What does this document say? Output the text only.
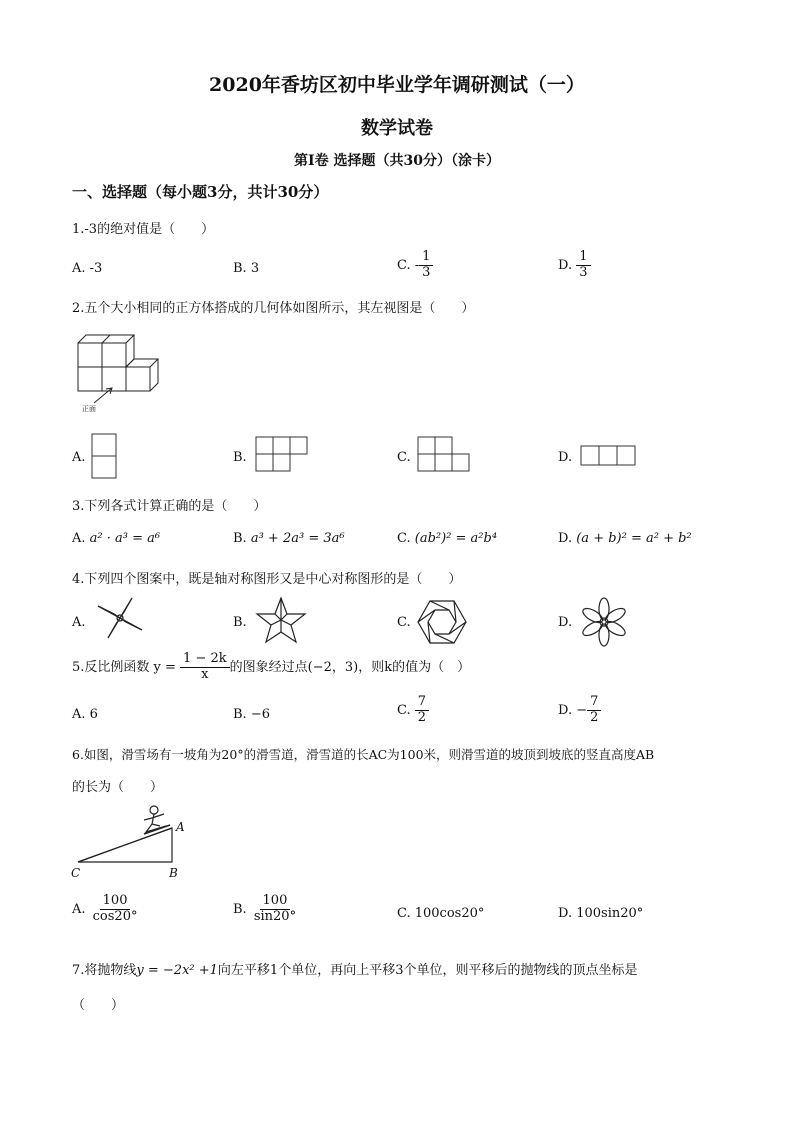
2020年香坊区初中毕业学年调研测试（一）
数学试卷
第Ⅰ卷 选择题（共30分）（涂卡）
一、选择题（每小题3分，共计30分）
1.-3的绝对值是（　　）
A. -3	B. 3	C. - $\frac{1}{3}$	D. $\frac{1}{3}$
2.五个大小相同的正方体搭成的几何体如图所示，其左视图是（　　）
正面
A.	B.	C.	D.
3.下列各式计算正确的是（　　）
A. a² · a³ = a⁶	B. a³ + 2a³ = 3a⁶	C. (ab²)² = a²b⁴	D. (a + b)² = a² + b²
4.下列四个图案中，既是轴对称图形又是中心对称图形的是（　　）
A.	B.	C.	D.
5.反比例函数 $y = \frac{1 - 2k}{x}$ 的图象经过点(−2，3)，则k的值为（　）
A. 6	B. −6	C. $\frac{7}{2}$	D. − $\frac{7}{2}$
6.如图，滑雪场有一坡角为20°的滑雪道，滑雪道的长AC为100米，则滑雪道的坡顶到坡底的竖直高度AB
的长为（　　）
A
B
C
A. $\frac{100}{\cos 20^\circ}$	B. $\frac{100}{\sin 20^\circ}$	C. 100cos20°	D. 100sin20°
7.将抛物线y = −2x² +1向左平移1个单位，再向上平移3个单位，则平移后的抛物线的顶点坐标是
（　　）
